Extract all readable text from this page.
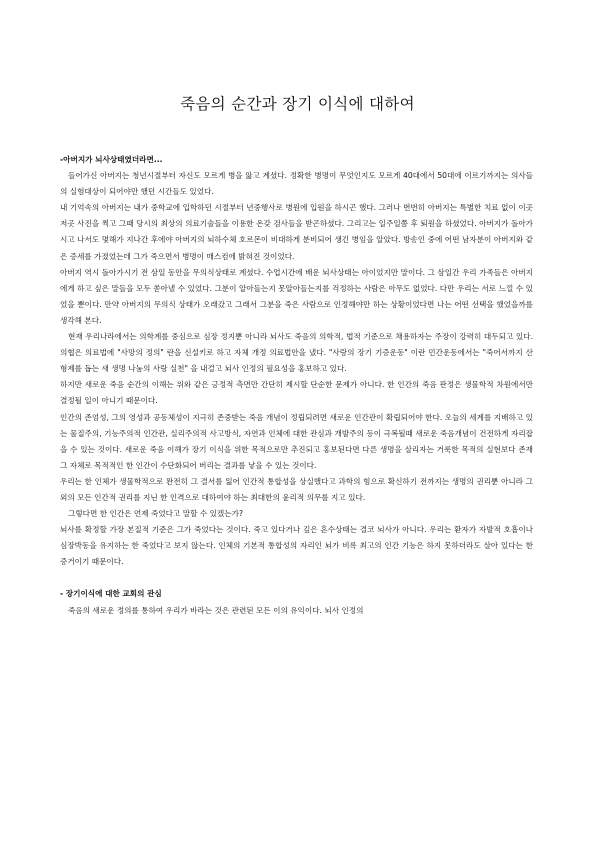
죽음의 순간과 장기 이식에 대하여

-아버지가 뇌사상태였더라면...

들어가신 아버지는 청년시절부터 자신도 모르게 병을 앓고 계셨다. 정확한 병명이 무엇인지도 모르게 40대에서 50대에 이르기까지는 의사들의 실험대상이 되어야만 했던 시간들도 있었다.

내 기억속의 아버지는 내가 중학교에 입학하던 시절부터 년중행사로 병원에 입원을 하시곤 했다. 그러나 번번히 아버지는 특별한 치료 없이 이곳저곳 사진을 찍고 그때 당시의 최상의 의료기술들을 이용한 온갖 검사들을 받곤하셨다. 그리고는 일주일쯤 후 퇴원을 하셨었다. 아버지가 돌아가시고 나서도 몇해가 지나간 후에야 아버지의 뇌하수체 호르몬이 비대하게 분비되어 생긴 병임을 알았다. 방송인 중에 어떤 남자분이 아버지와 같은 증세를 가졌었는데 그가 죽으면서 병명이 매스컴에 밝혀진 것이었다.

아버지 역시 돌아가시기 전 삼일 동안을 무의식상태로 계셨다. 수업시간에 배운 뇌사상태는 아이었지만 말이다. 그 삼일간 우리 가족들은 아버지에게 하고 싶은 말들을 모두 쏟아낼 수 있었다. 그분이 알아들는지 못알아들는지를 걱정하는 사람은 아무도 없었다. 다만 우리는 서로 느낄 수 있었을 뿐이다. 만약 아버지의 무의식 상태가 오래갔고 그래서 그분을 죽은 사람으로 인정해야만 하는 상황이었다면 나는 어떤 선택을 했었을까를 생각해 본다.

현재 우리나라에서는 의학계를 중심으로 심장 정지뿐 아니라 뇌사도 죽음의 의학적, 법적 기준으로 채용하자는 주장이 강력히 대두되고 있다. 의협은 의료법에 "사망의 정의" 란을 신설키로 하고 자체 개정 의료법안을 냈다. "사랑의 장기 기증운동" 이란 민간운동에서는 "죽어서까지 산 형제를 돕는 새 생명 나눔의 사랑 실천" 을 내걸고 뇌사 인정의 필요성을 홍보하고 있다.

하지만 새로운 죽음 순간의 이해는 위와 같은 긍정적 측면만 간단히 제시할 단순한 문제가 아니다. 한 인간의 죽음 판정은 생물학적 차원에서만 결정될 일이 아니기 때문이다.

인간의 존엄성, 그의 영성과 공동체성이 지극히 존중받는 죽음 개념이 정립되려면 새로운 인간관이 확립되어야 한다. 오늘의 세계를 지배하고 있는 물질주의, 기능주의적 인간관, 실리주의적 사고방식, 자연과 인체에 대한 관심과 개발주의 등이 극복될때 새로운 죽음개념이 건전하게 자리잡을 수 있는 것이다. 새로운 죽음 이해가 장기 이식을 위한 목적으로만 추진되고 홍보된다면 다른 생명을 살리자는 거룩한 목적의 실현보다 존재 그 자체로 목적적인 한 인간이 수단화되어 버리는 결과를 낳을 수 있는 것이다.

우리는 한 인체가 생물학적으로 완전히 그 결서를 잃어 인간적 통합성을 상실했다고 과학의 힘으로 확신하기 전까지는 생명의 권리뿐 아니라 그 외의 모든 인간적 권리를 지닌 한 인격으로 대하여야 하는 최대한의 윤리적 의무를 지고 있다.

그렇다면 한 인간은 언제 죽었다고 말할 수 있겠는가?

뇌사를 확정할 가장 본질적 기준은 그가 죽었다는 것이다. 죽고 있다거나 깊은 혼수상태는 결코 뇌사가 아니다. 우리는 환자가 자발적 호흡이나 심장박동을 유지하는 한 죽었다고 보지 않는다. 인체의 기본적 통합성의 자리인 뇌가 비록 최고의 인간 기능은 하지 못하더라도 살아 있다는 한 증거이기 때문이다.

- 장기이식에 대한 교회의 관심

죽음의 새로운 정의를 통하여 우리가 바라는 것은 관련된 모든 이의 유익이다. 뇌사 인정의
